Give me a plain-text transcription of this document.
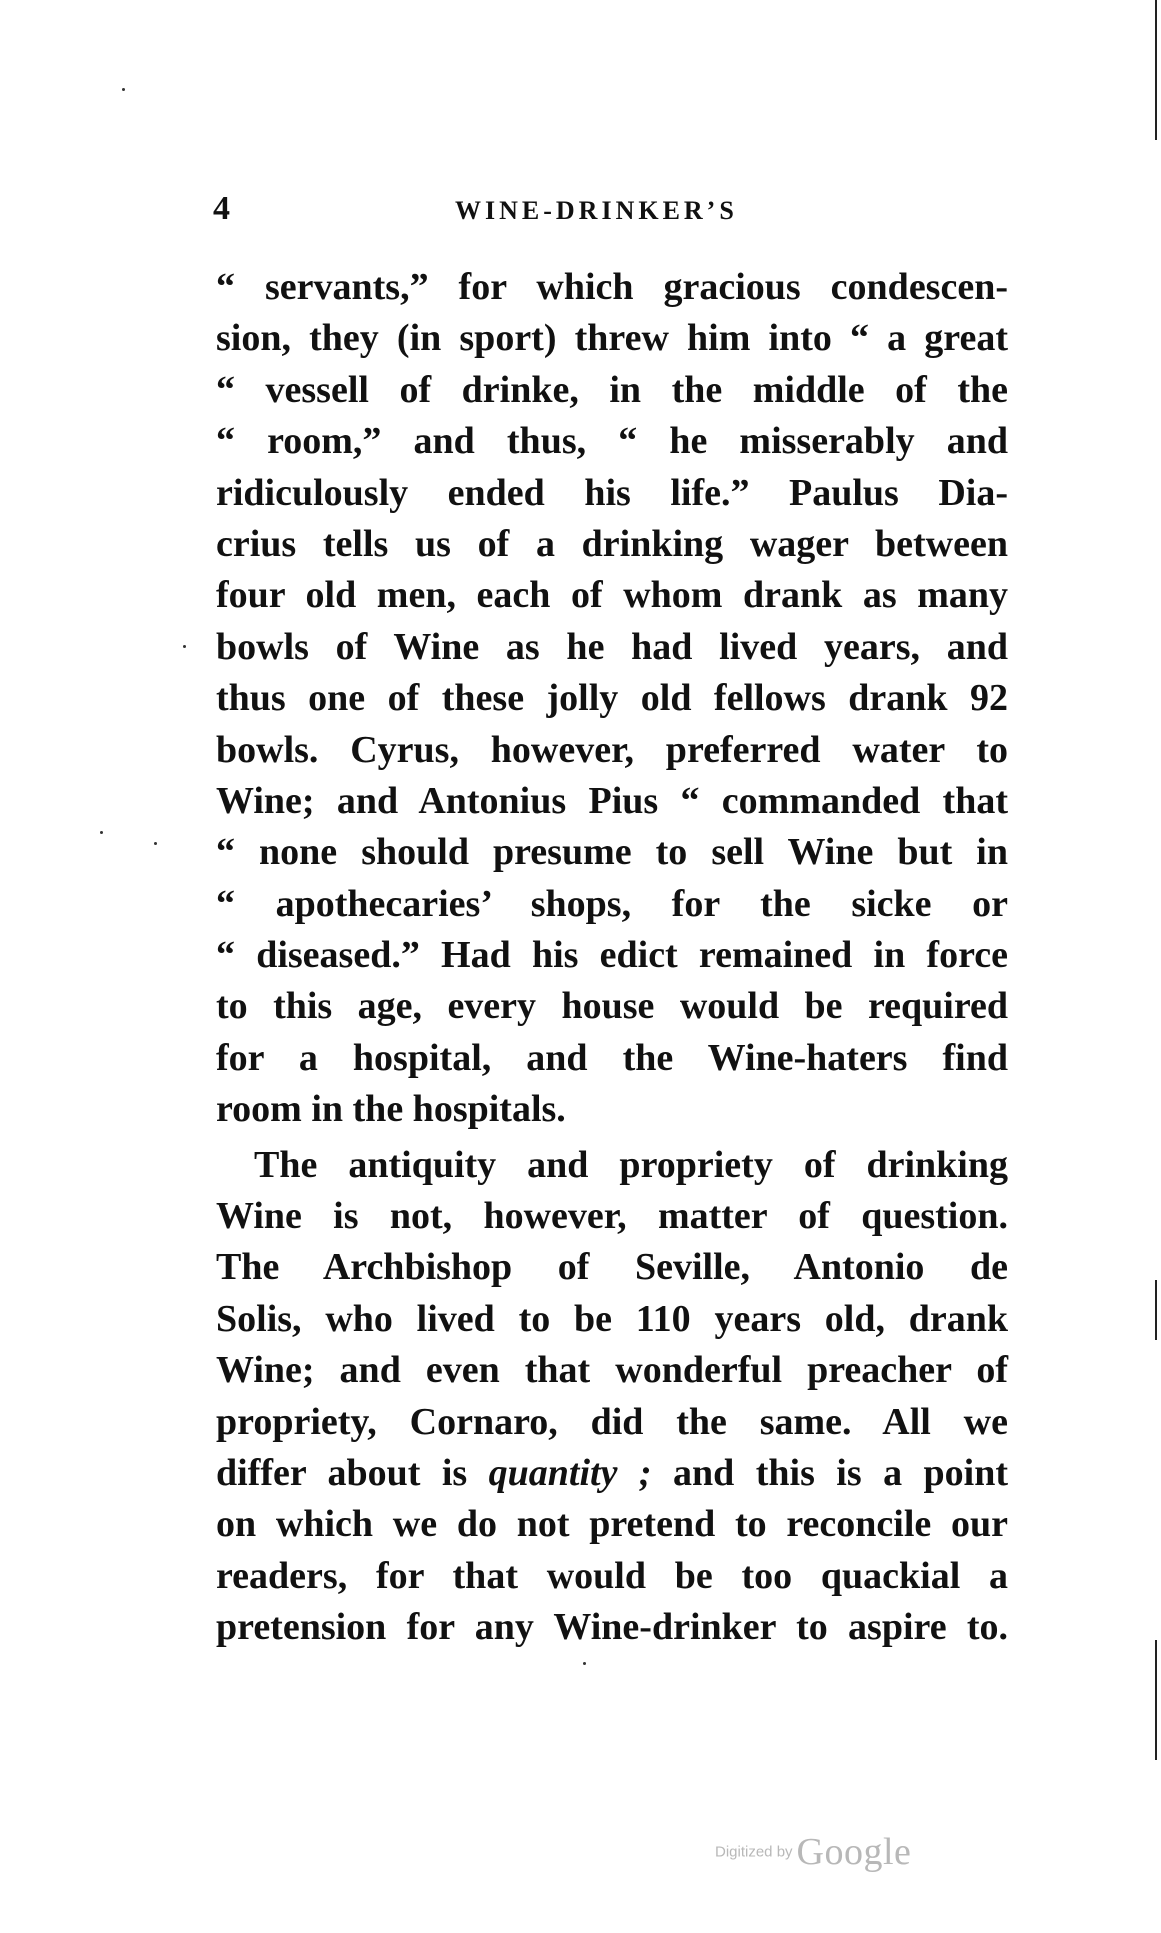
4	WINE-DRINKER’S
“ servants,” for which gracious condescen-
sion, they (in sport) threw him into “ a great
“ vessell of drinke, in the middle of the
“ room,” and thus, “ he misserably and
ridiculously ended his life.” Paulus Dia-
crius tells us of a drinking wager between
four old men, each of whom drank as many
bowls of Wine as he had lived years, and
thus one of these jolly old fellows drank 92
bowls. Cyrus, however, preferred water to
Wine; and Antonius Pius “ commanded that
“ none should presume to sell Wine but in
“ apothecaries’ shops, for the sicke or
“ diseased.” Had his edict remained in force
to this age, every house would be required
for a hospital, and the Wine-haters find
room in the hospitals.
The antiquity and propriety of drinking
Wine is not, however, matter of question.
The Archbishop of Seville, Antonio de
Solis, who lived to be 110 years old, drank
Wine; and even that wonderful preacher of
propriety, Cornaro, did the same. All we
differ about is quantity ; and this is a point
on which we do not pretend to reconcile our
readers, for that would be too quackial a
pretension for any Wine-drinker to aspire to.
Digitized by Google
